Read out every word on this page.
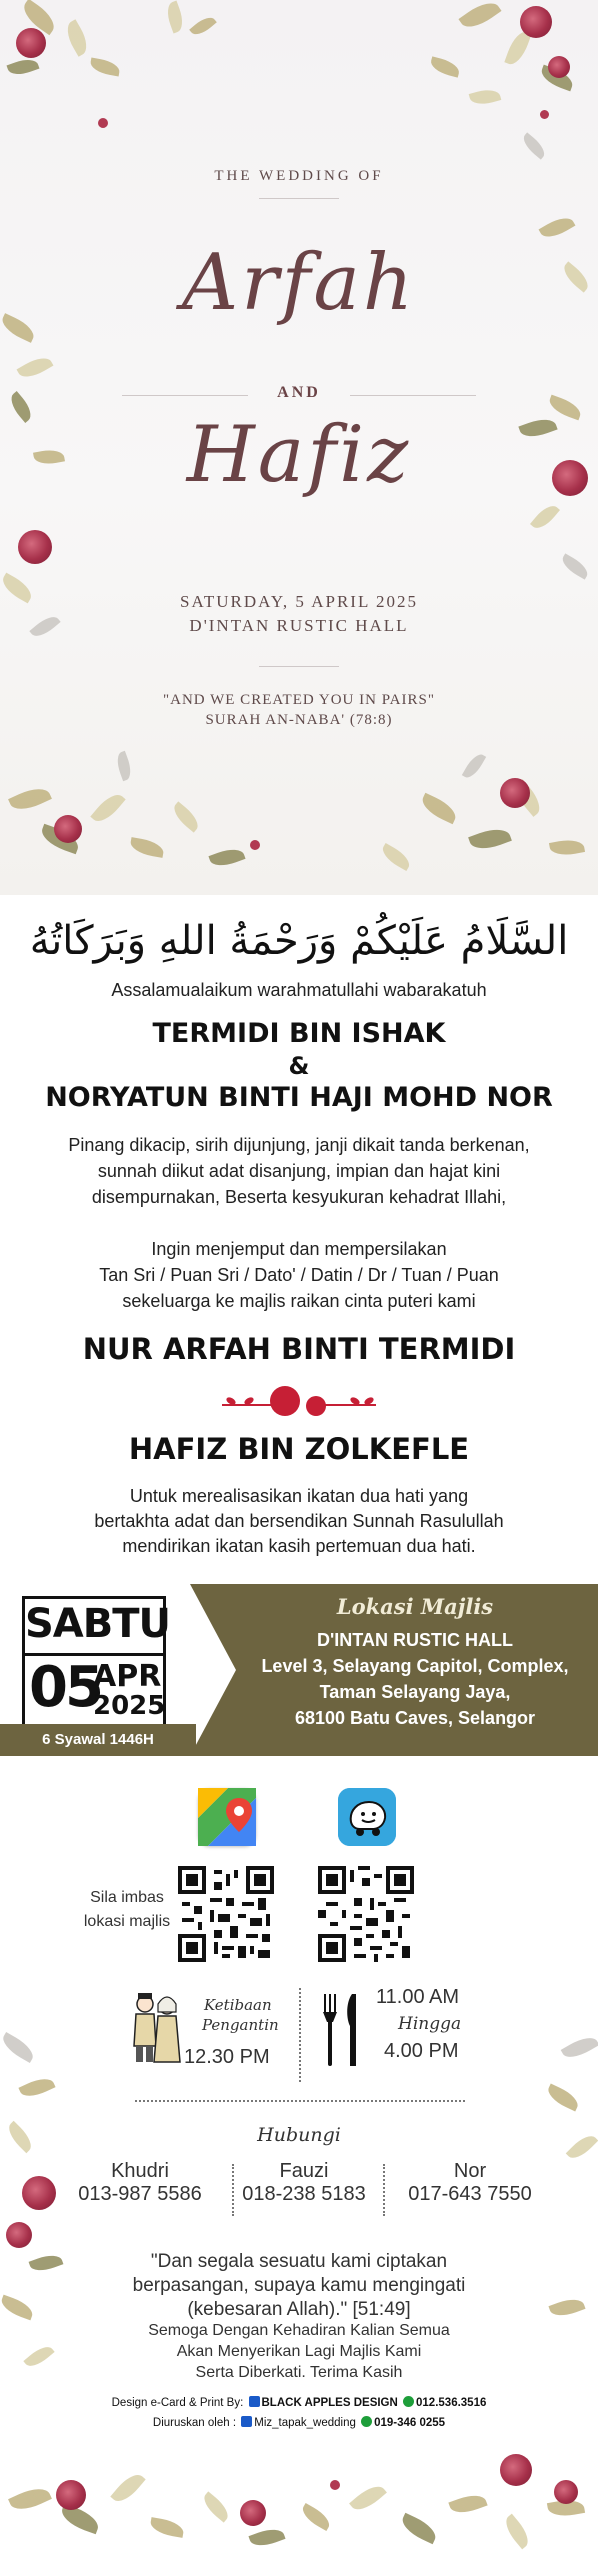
THE WEDDING OF
Arfah
AND
Hafiz
SATURDAY, 5 APRIL 2025
D'INTAN RUSTIC HALL
"AND WE CREATED YOU IN PAIRS"
SURAH AN-NABA' (78:8)
السَّلَامُ عَلَيْكُمْ وَرَحْمَةُ اللهِ وَبَرَكَاتُهُ
Assalamualaikum warahmatullahi wabarakatuh
TERMIDI BIN ISHAK
&
NORYATUN BINTI HAJI MOHD NOR
Pinang dikacip, sirih dijunjung, janji dikait tanda berkenan,
sunnah diikut adat disanjung, impian dan hajat kini
disempurnakan, Beserta kesyukuran kehadrat Illahi,
Ingin menjemput dan mempersilakan
Tan Sri / Puan Sri / Dato' / Datin / Dr / Tuan / Puan
sekeluarga ke majlis raikan cinta puteri kami
NUR ARFAH BINTI TERMIDI
HAFIZ BIN ZOLKEFLE
Untuk merealisasikan ikatan dua hati yang
bertakhta adat dan bersendikan Sunnah Rasulullah
mendirikan ikatan kasih pertemuan dua hati.
SABTU
05
APR
2025
6 Syawal 1446H
Lokasi Majlis
D'INTAN RUSTIC HALL
Level 3, Selayang Capitol, Complex,
Taman Selayang Jaya,
68100 Batu Caves, Selangor
Sila imbas
lokasi majlis
Ketibaan
Pengantin
12.30 PM
11.00 AM
Hingga
4.00 PM
Hubungi
Khudri
013-987 5586
Fauzi
018-238 5183
Nor
017-643 7550
"Dan segala sesuatu kami ciptakan
berpasangan, supaya kamu mengingati
(kebesaran Allah)." [51:49]
Semoga Dengan Kehadiran Kalian Semua
Akan Menyerikan Lagi Majlis Kami
Serta Diberkati. Terima Kasih
Design e-Card & Print By: BLACK APPLES DESIGN 012.536.3516
Diuruskan oleh : Miz_tapak_wedding 019-346 0255
